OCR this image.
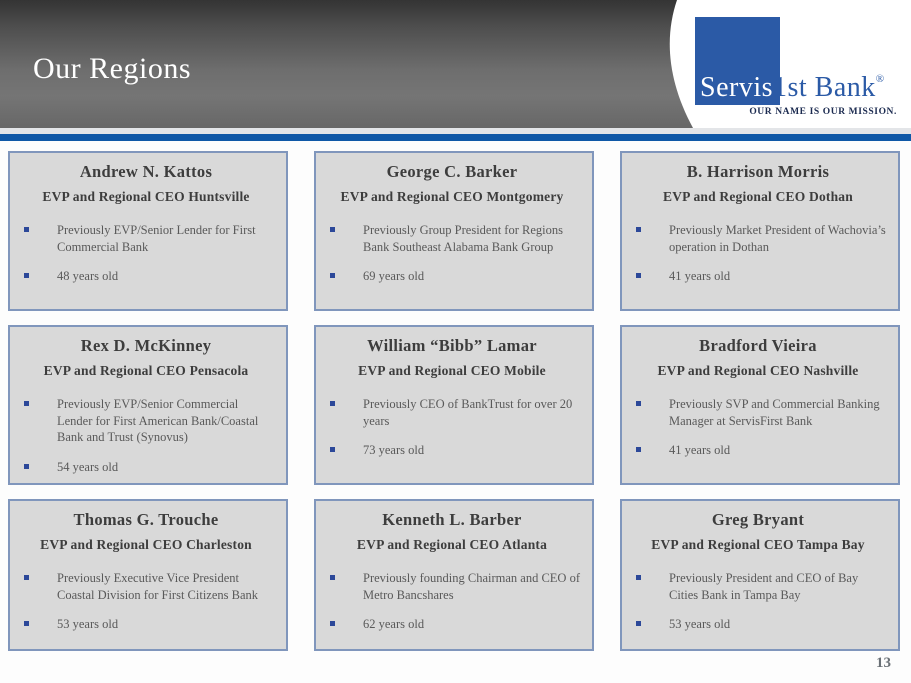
Our Regions
Servis1st Bank®
OUR NAME IS OUR MISSION.
Andrew N. Kattos
EVP and Regional CEO Huntsville
Previously EVP/Senior Lender for First Commercial Bank
48 years old
George C. Barker
EVP and Regional CEO Montgomery
Previously Group President for Regions Bank Southeast Alabama Bank Group
69 years old
B. Harrison Morris
EVP and Regional CEO Dothan
Previously Market President of Wachovia’s operation in Dothan
41 years old
Rex D. McKinney
EVP and Regional CEO Pensacola
Previously EVP/Senior Commercial Lender for First American Bank/Coastal Bank and Trust (Synovus)
54 years old
William “Bibb” Lamar
EVP and Regional CEO Mobile
Previously CEO of BankTrust for over 20 years
73 years old
Bradford Vieira
EVP and Regional CEO Nashville
Previously SVP and Commercial Banking Manager at ServisFirst Bank
41 years old
Thomas G. Trouche
EVP and Regional CEO Charleston
Previously Executive Vice President Coastal Division for First Citizens Bank
53 years old
Kenneth L. Barber
EVP and Regional CEO Atlanta
Previously founding Chairman and CEO of Metro Bancshares
62 years old
Greg Bryant
EVP and Regional CEO Tampa Bay
Previously President and CEO of Bay Cities Bank in Tampa Bay
53 years old
13
